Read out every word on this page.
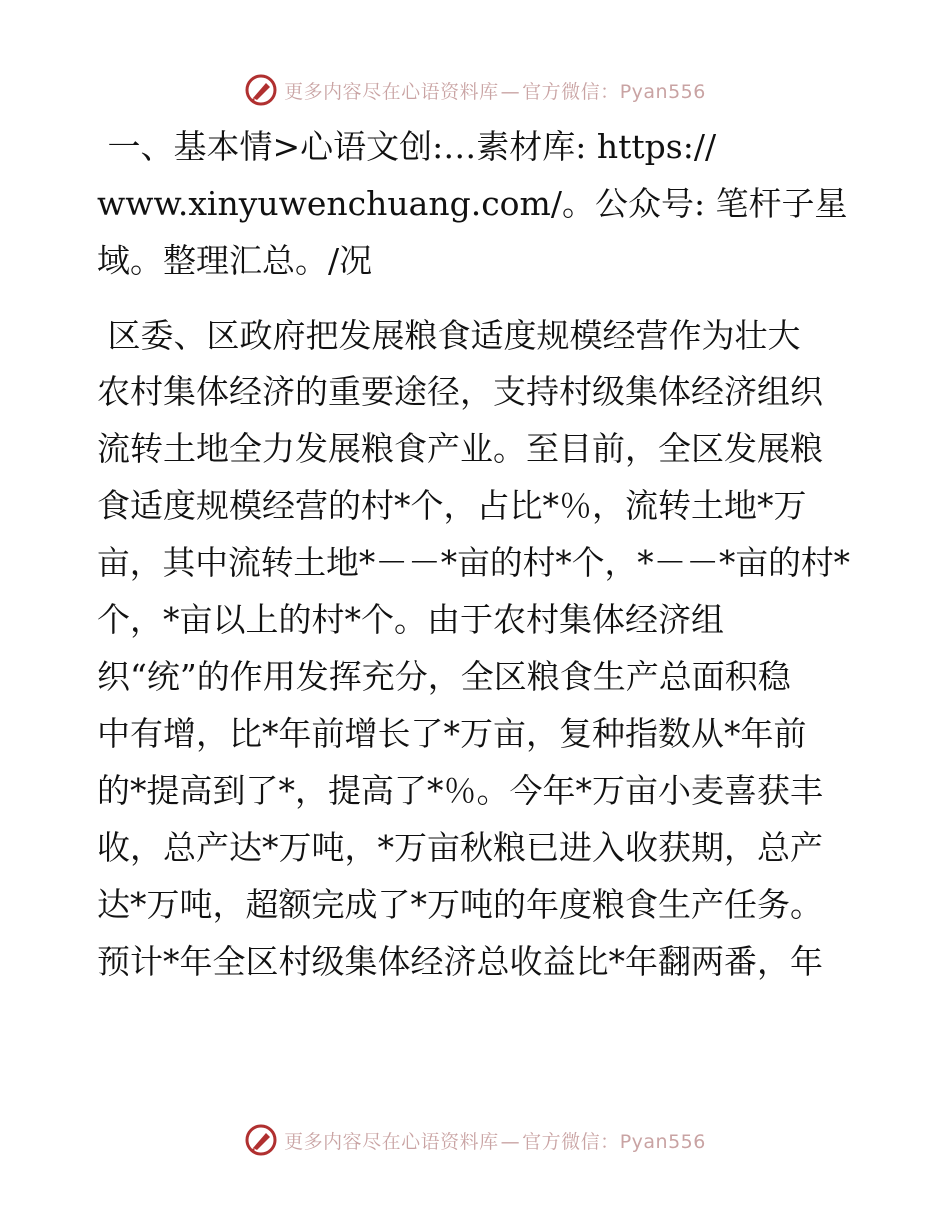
更多内容尽在心语资料库 — 官方微信：Pyan556
一、基本情>心语文创:…素材库: https://
www.xinyuwenchuang.com/。公众号: 笔杆子星
域。整理汇总。/况
区委、区政府把发展粮食适度规模经营作为壮大
农村集体经济的重要途径，支持村级集体经济组织
流转土地全力发展粮食产业。至目前，全区发展粮
食适度规模经营的村*个，占比*％，流转土地*万
亩，其中流转土地*－－*亩的村*个，*－－*亩的村*
个，*亩以上的村*个。由于农村集体经济组
织“统”的作用发挥充分，全区粮食生产总面积稳
中有增，比*年前增长了*万亩，复种指数从*年前
的*提高到了*，提高了*％。今年*万亩小麦喜获丰
收，总产达*万吨，*万亩秋粮已进入收获期，总产
达*万吨，超额完成了*万吨的年度粮食生产任务。
预计*年全区村级集体经济总收益比*年翻两番，年
更多内容尽在心语资料库 — 官方微信：Pyan556
